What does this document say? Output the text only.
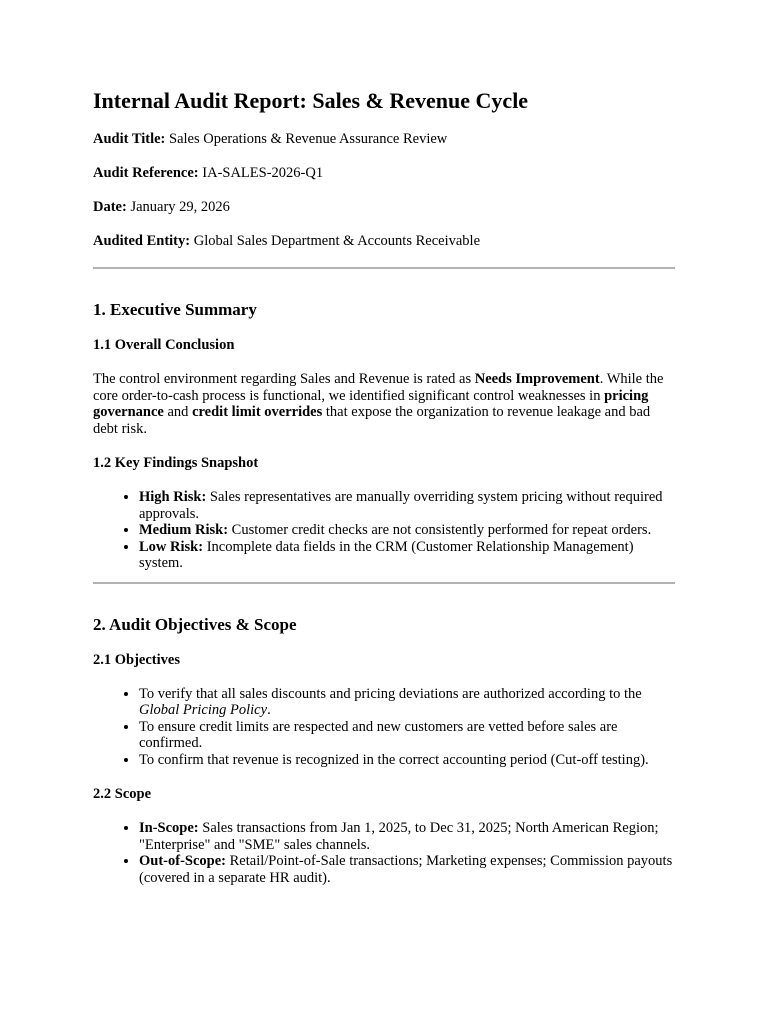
Internal Audit Report: Sales & Revenue Cycle

Audit Title: Sales Operations & Revenue Assurance Review

Audit Reference: IA-SALES-2026-Q1

Date: January 29, 2026

Audited Entity: Global Sales Department & Accounts Receivable

1. Executive Summary
1.1 Overall Conclusion

The control environment regarding Sales and Revenue is rated as Needs Improvement. While the core order-to-cash process is functional, we identified significant control weaknesses in pricing governance and credit limit overrides that expose the organization to revenue leakage and bad debt risk.

1.2 Key Findings Snapshot
• High Risk: Sales representatives are manually overriding system pricing without required approvals.
• Medium Risk: Customer credit checks are not consistently performed for repeat orders.
• Low Risk: Incomplete data fields in the CRM (Customer Relationship Management) system.
2. Audit Objectives & Scope
2.1 Objectives
• To verify that all sales discounts and pricing deviations are authorized according to the Global Pricing Policy.
• To ensure credit limits are respected and new customers are vetted before sales are confirmed.
• To confirm that revenue is recognized in the correct accounting period (Cut-off testing).
2.2 Scope
• In-Scope: Sales transactions from Jan 1, 2025, to Dec 31, 2025; North American Region; "Enterprise" and "SME" sales channels.
• Out-of-Scope: Retail/Point-of-Sale transactions; Marketing expenses; Commission payouts (covered in a separate HR audit).
